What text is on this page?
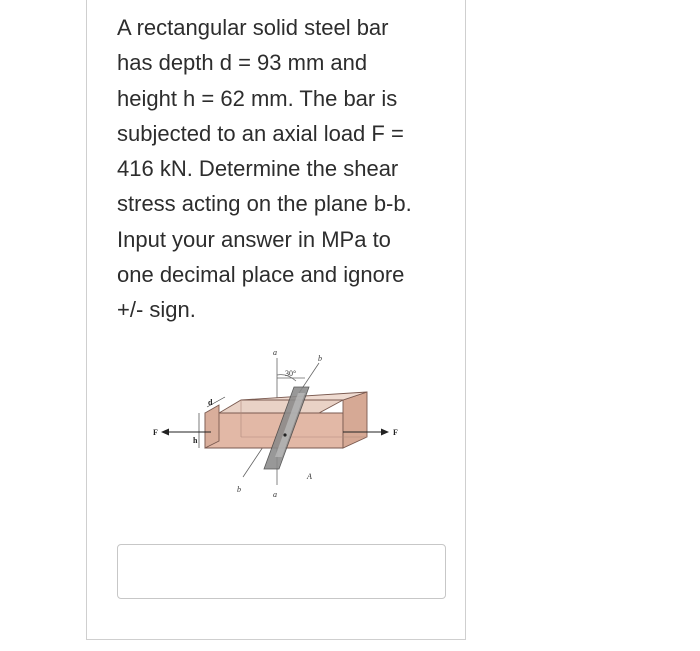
A rectangular solid steel bar
has depth d = 93 mm and
height h = 62 mm. The bar is
subjected to an axial load F =
416 kN. Determine the shear
stress acting on the plane b-b.
Input your answer in MPa to
one decimal place and ignore
+/- sign.

a
b
30°
d
h
F	F
A
b
a
